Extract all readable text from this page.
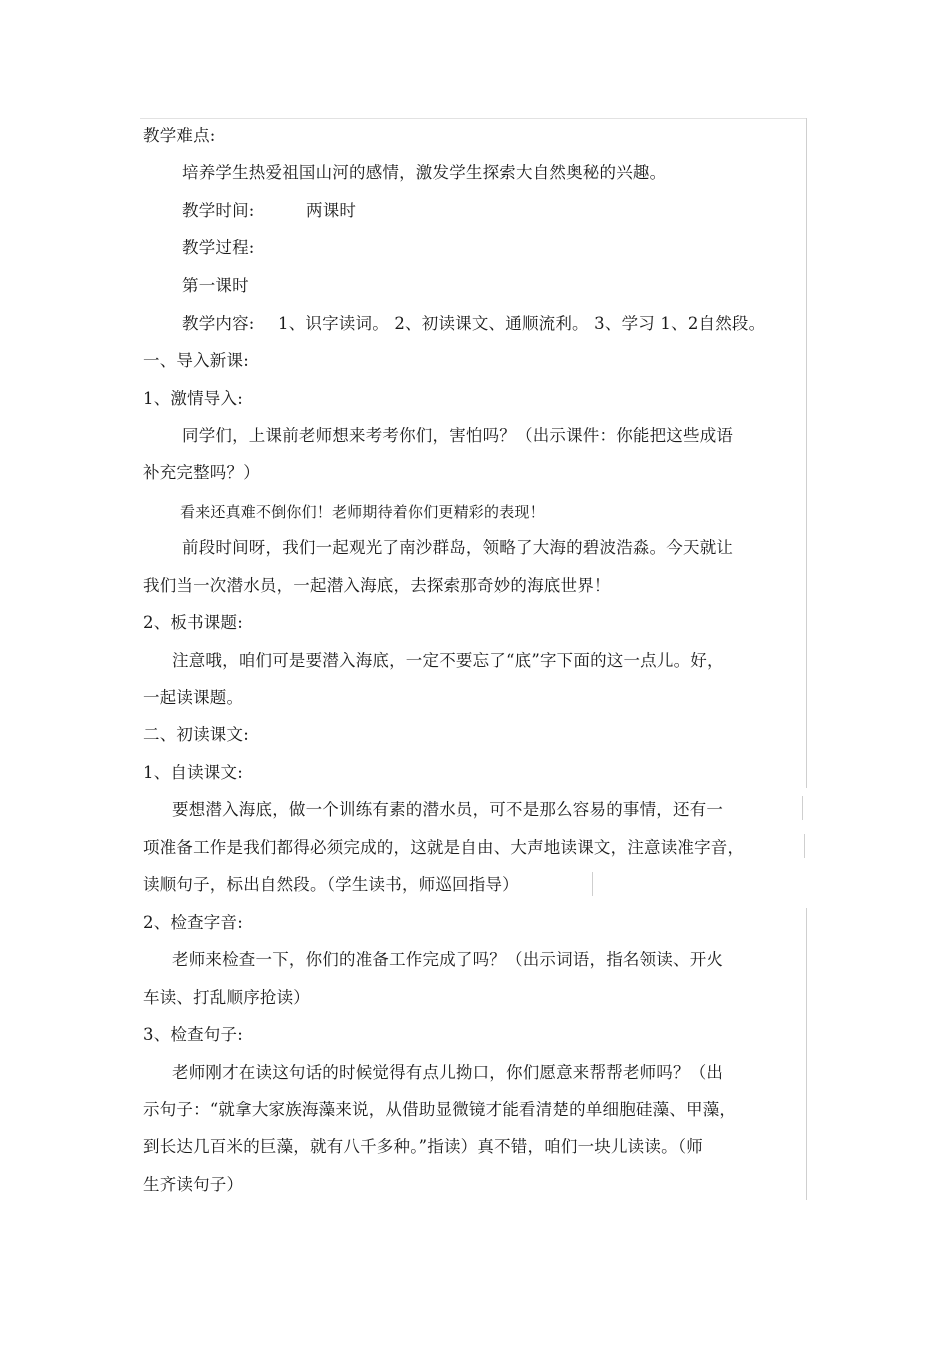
教学难点:
培养学生热爱祖国山河的感情，激发学生探索大自然奥秘的兴趣。
教学时间:	两课时
教学过程:
第一课时
教学内容: 1、识字读词。 2、初读课文、通顺流利。 3、学习 1、2自然段。
一、导入新课:
1、激情导入:
同学们，上课前老师想来考考你们，害怕吗？（出示课件：你能把这些成语
补充完整吗？）
看来还真难不倒你们！老师期待着你们更精彩的表现！
前段时间呀，我们一起观光了南沙群岛，领略了大海的碧波浩淼。今天就让
我们当一次潜水员，一起潜入海底，去探索那奇妙的海底世界！
2、板书课题:
注意哦，咱们可是要潜入海底，一定不要忘了“底”字下面的这一点儿。好，
一起读课题。
二、初读课文:
1、自读课文:
要想潜入海底，做一个训练有素的潜水员，可不是那么容易的事情，还有一
项准备工作是我们都得必须完成的，这就是自由、大声地读课文，注意读准字音，
读顺句子，标出自然段。（学生读书，师巡回指导）
2、检查字音:
老师来检查一下，你们的准备工作完成了吗？（出示词语，指名领读、开火
车读、打乱顺序抢读）
3、检查句子:
老师刚才在读这句话的时候觉得有点儿拗口，你们愿意来帮帮老师吗？（出
示句子：“就拿大家族海藻来说，从借助显微镜才能看清楚的单细胞硅藻、甲藻，
到长达几百米的巨藻，就有八千多种。”指读）真不错，咱们一块儿读读。（师
生齐读句子）
